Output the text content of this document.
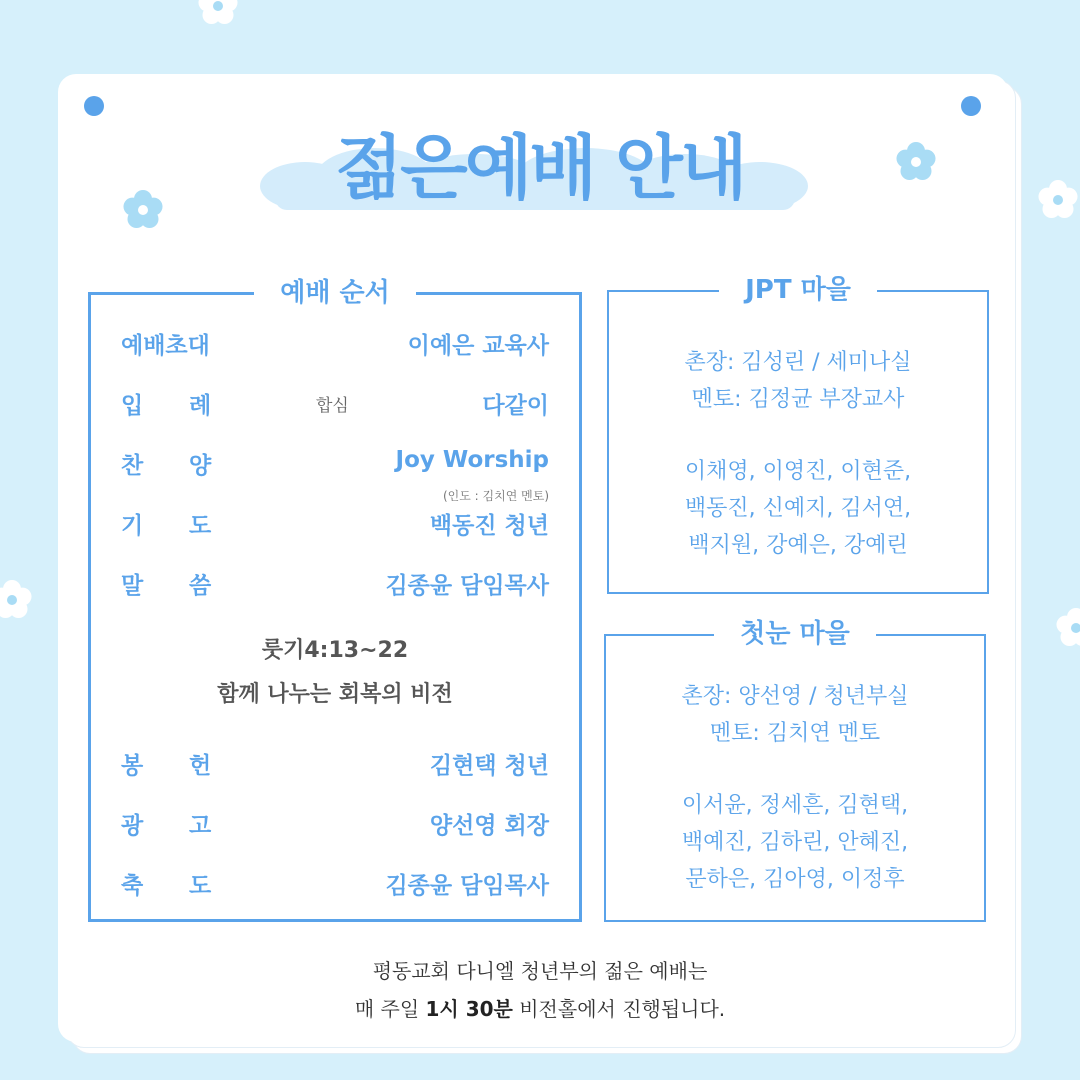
젊은예배 안내
예배 순서
예배초대	이예은 교육사
입 례	합심	다같이
찬 양	Joy Worship
(인도 : 김치연 멘토)
기 도	백동진 청년
말 씀	김종윤 담임목사
룻기4:13~22
함께 나누는 회복의 비전
봉 헌	김현택 청년
광 고	양선영 회장
축 도	김종윤 담임목사
JPT 마을
촌장: 김성린 / 세미나실
멘토: 김정균 부장교사
이채영, 이영진, 이현준,
백동진, 신예지, 김서연,
백지원, 강예은, 강예린
첫눈 마을
촌장: 양선영 / 청년부실
멘토: 김치연 멘토
이서윤, 정세흔, 김현택,
백예진, 김하린, 안혜진,
문하은, 김아영, 이정후
평동교회 다니엘 청년부의 젊은 예배는
매 주일 1시 30분 비전홀에서 진행됩니다.
